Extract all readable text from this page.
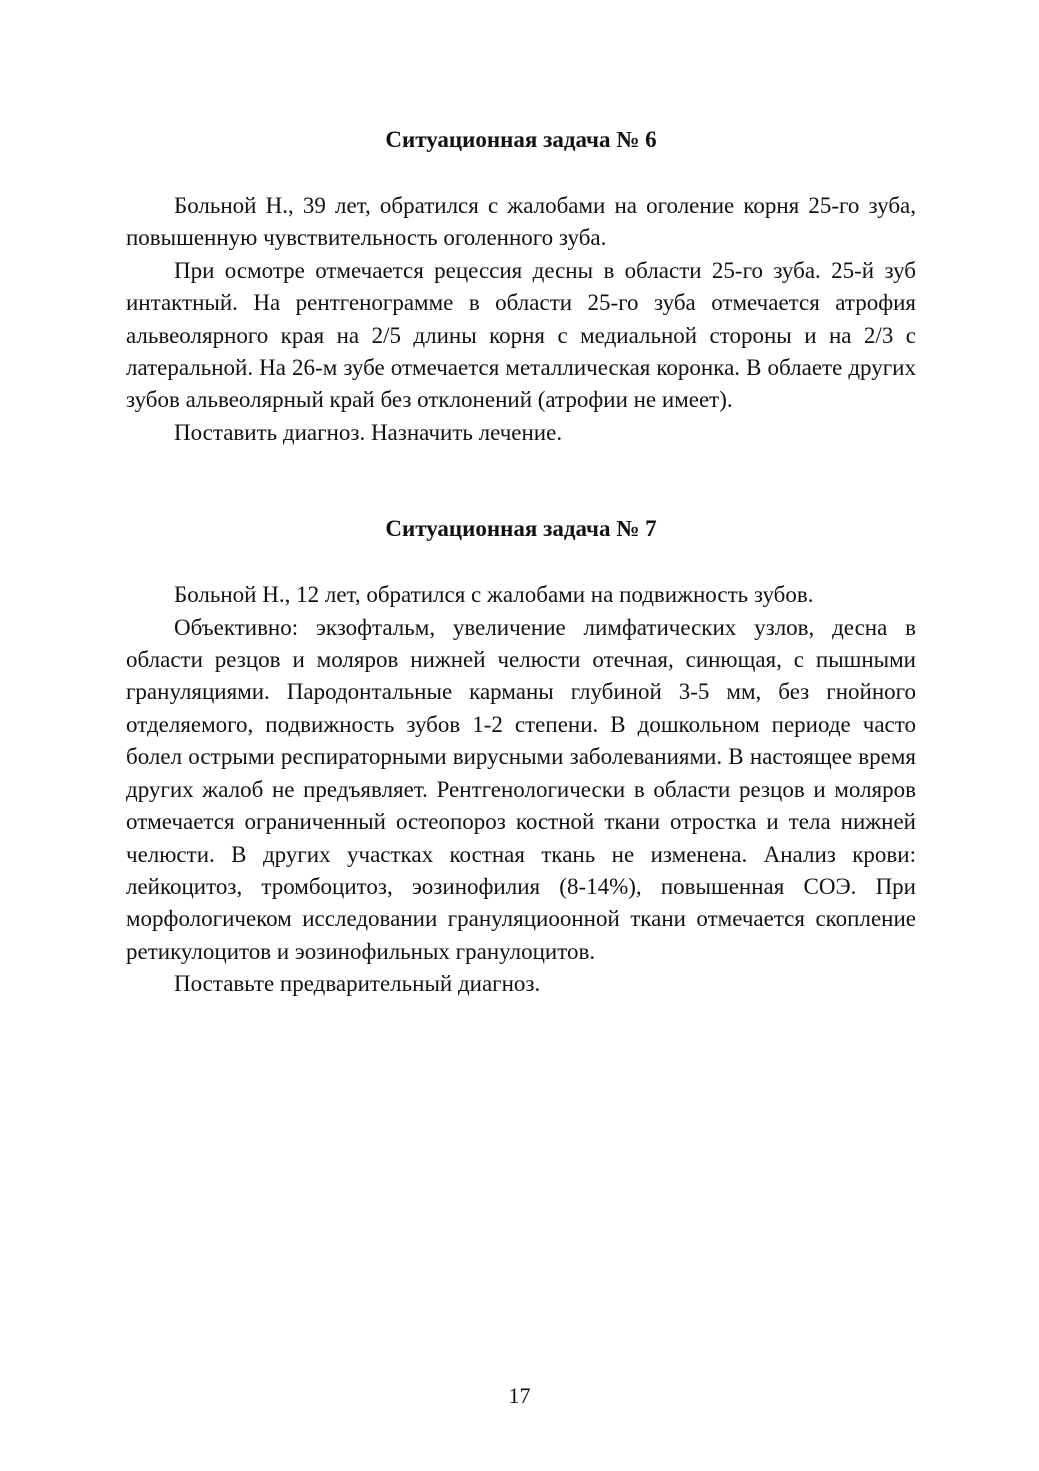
Ситуационная задача № 6

Больной Н., 39 лет, обратился с жалобами на оголение корня 25-го зуба, повышенную чувствительность оголенного зуба.

При осмотре отмечается рецессия десны в области 25-го зуба. 25-й зуб интактный. На рентгенограмме в области 25-го зуба отмечается атрофия альвеолярного края на 2/5 длины корня с медиальной стороны и на 2/3 с латеральной. На 26-м зубе отмечается металлическая коронка. В облаете других зубов альвеолярный край без отклонений (атрофии не имеет).

Поставить диагноз. Назначить лечение.

Ситуационная задача № 7

Больной Н., 12 лет, обратился с жалобами на подвижность зубов.

Объективно: экзофтальм, увеличение лимфатических узлов, десна в области резцов и моляров нижней челюсти отечная, синющая, с пышными грануляциями. Пародонтальные карманы глубиной 3-5 мм, без гнойного отделяемого, подвижность зубов 1-2 степени. В дошкольном периоде часто болел острыми респираторными вирусными заболеваниями. В настоящее время других жалоб не предъявляет. Рентгенологически в области резцов и моляров отмечается ограниченный остеопороз костной ткани отростка и тела нижней челюсти. В других участках костная ткань не изменена. Анализ крови: лейкоцитоз, тромбоцитоз, эозинофилия (8-14%), повышенная СОЭ. При морфологичеком исследовании грануляциоонной ткани отмечается скопление ретикулоцитов и эозинофильных гранулоцитов.

Поставьте предварительный диагноз.

17
